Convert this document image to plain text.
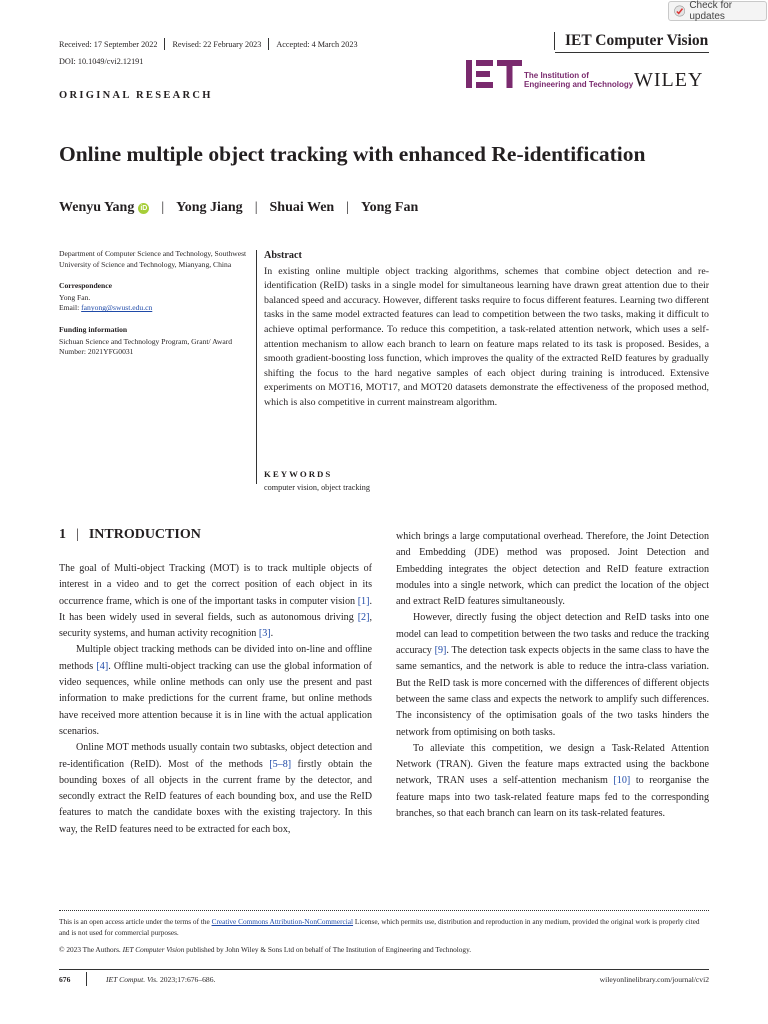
Check for updates
Received: 17 September 2022 Revised: 22 February 2023 Accepted: 4 March 2023	IET Computer Vision
DOI: 10.1049/cvi2.12191
The Institution of
Engineering and Technology WILEY
ORIGINAL RESEARCH
Online multiple object tracking with enhanced Re-identification
Wenyu Yang iD | Yong Jiang | Shuai Wen | Yong Fan
Department of Computer Science and Technology, Southwest University of Science and Technology, Mianyang, China
Correspondence
Yong Fan.
Email: fanyong@swust.edu.cn
Funding information
Sichuan Science and Technology Program, Grant/ Award Number: 2021YFG0031
Abstract

In existing online multiple object tracking algorithms, schemes that combine object detection and re-identification (ReID) tasks in a single model for simultaneous learning have drawn great attention due to their balanced speed and accuracy. However, different tasks require to focus different features. Learning two different tasks in the same model extracted features can lead to competition between the two tasks, making it difficult to achieve optimal performance. To reduce this competition, a task-related attention network, which uses a self-attention mechanism to allow each branch to learn on feature maps related to its task is proposed. Besides, a smooth gradient-boosting loss function, which improves the quality of the extracted ReID features by gradually shifting the focus to the hard negative samples of each object during training is introduced. Extensive experiments on MOT16, MOT17, and MOT20 datasets demonstrate the effectiveness of the proposed method, which is also competitive in current mainstream algorithm.

KEYWORDS
computer vision, object tracking
1 | INTRODUCTION

The goal of Multi-object Tracking (MOT) is to track multiple objects of interest in a video and to get the correct position of each object in its occurrence frame, which is one of the important tasks in computer vision [1]. It has been widely used in several fields, such as autonomous driving [2], security systems, and human activity recognition [3].

Multiple object tracking methods can be divided into on-line and offline methods [4]. Offline multi-object tracking can use the global information of video sequences, while online methods can only use the present and past information to make predictions for the current frame, but online methods have received more attention because it is in line with the actual application scenarios.

Online MOT methods usually contain two subtasks, object detection and re-identification (ReID). Most of the methods [5–8] firstly obtain the bounding boxes of all objects in the current frame by the detector, and secondly extract the ReID features of each bounding box, and use the ReID features to match the candidate boxes with the existing trajectory. In this way, the ReID features need to be extracted for each box,

which brings a large computational overhead. Therefore, the Joint Detection and Embedding (JDE) method was proposed. Joint Detection and Embedding integrates the object detection and ReID feature extraction modules into a single network, which can predict the location of the object and extract ReID features simultaneously.

However, directly fusing the object detection and ReID tasks into one model can lead to competition between the two tasks and reduce the tracking accuracy [9]. The detection task expects objects in the same class to have the same semantics, and the network is able to reduce the intra-class variation. But the ReID task is more concerned with the differences of different objects between the same class and expects the network to amplify such differences. The inconsistency of the optimisation goals of the two tasks hinders the network from optimising on both tasks.

To alleviate this competition, we design a Task-Related Attention Network (TRAN). Given the feature maps extracted using the backbone network, TRAN uses a self-attention mechanism [10] to reorganise the feature maps into two task-related feature maps fed to the corresponding branches, so that each branch can learn on its task-related features.

This is an open access article under the terms of the Creative Commons Attribution-NonCommercial License, which permits use, distribution and reproduction in any medium, provided the original work is properly cited and is not used for commercial purposes.

© 2023 The Authors. IET Computer Vision published by John Wiley & Sons Ltd on behalf of The Institution of Engineering and Technology.

676	IET Comput. Vis. 2023;17:676–686.	wileyonlinelibrary.com/journal/cvi2
